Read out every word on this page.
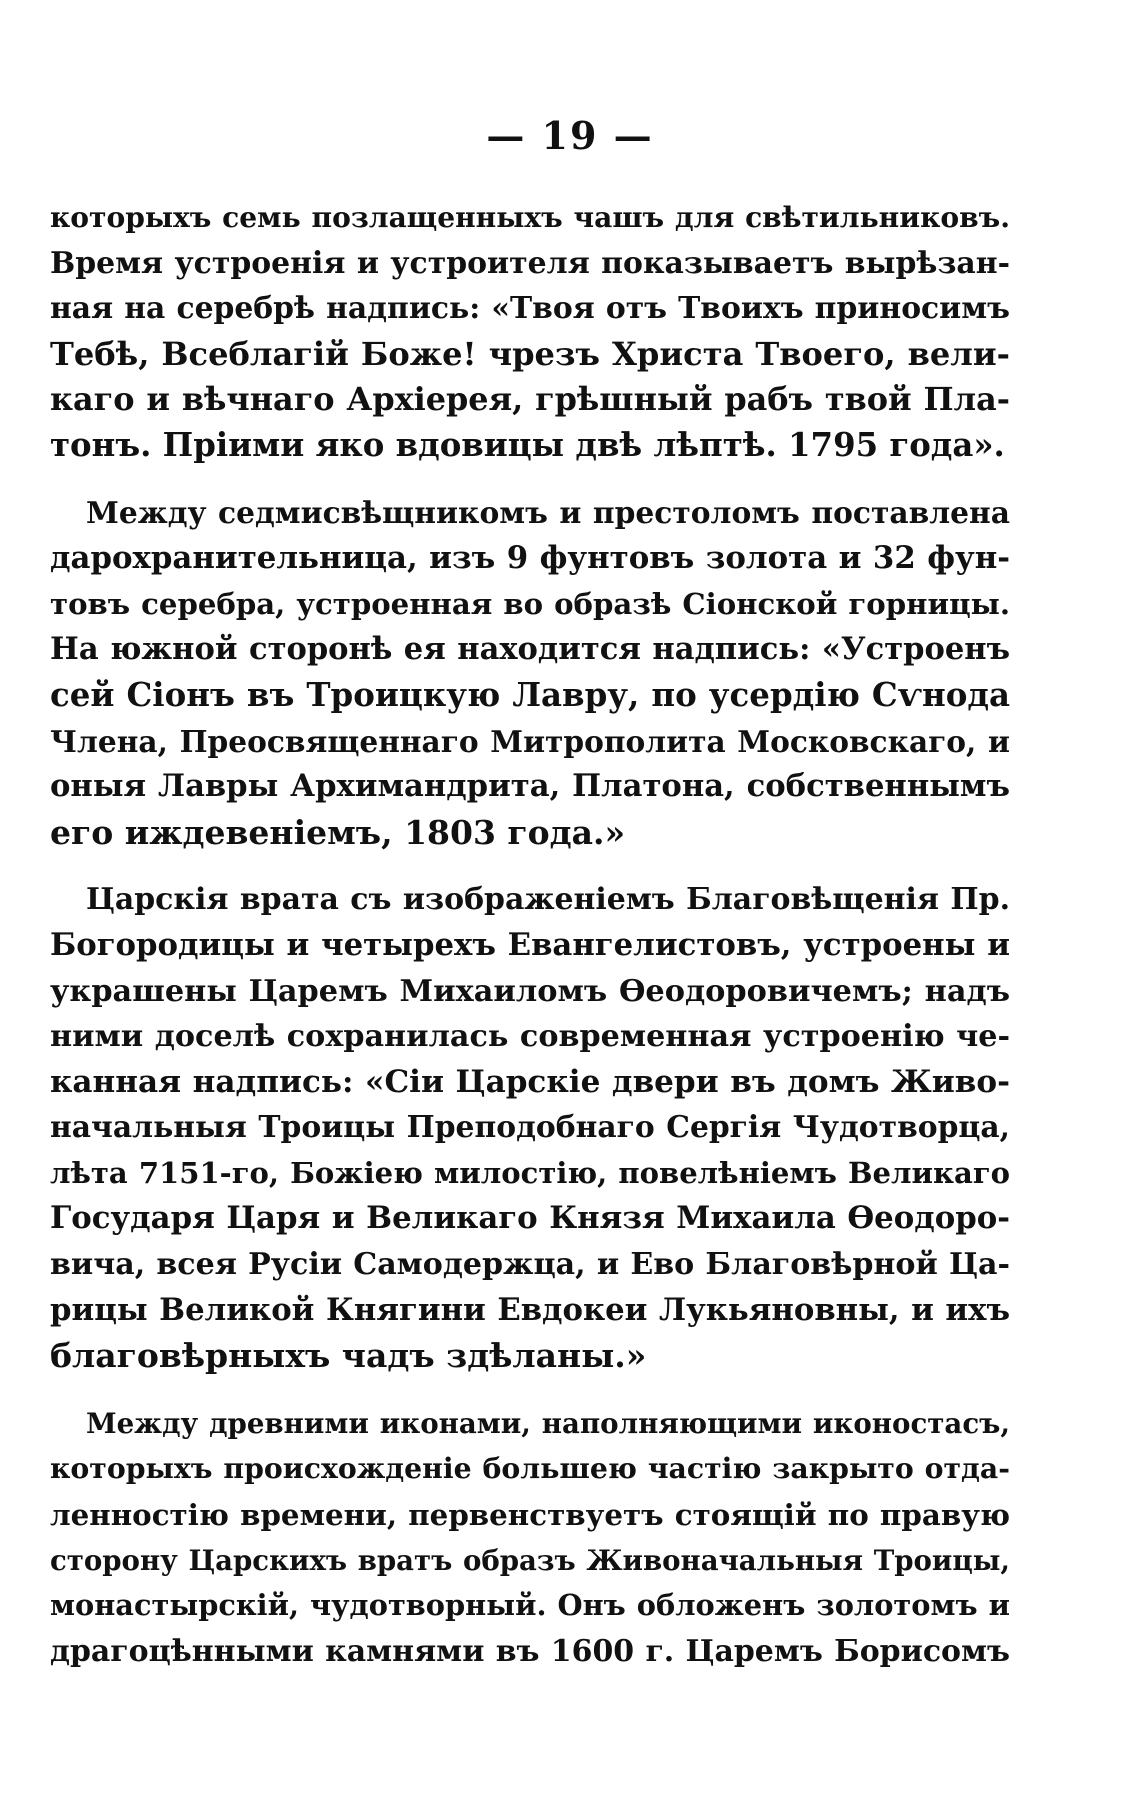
— 19 —
которыхъ семь позлащенныхъ чашъ для свѣтильниковъ.
Время устроенія и устроителя показываетъ вырѣзан-
ная на серебрѣ надпись: «Твоя отъ Твоихъ приносимъ
Тебѣ, Всеблагій Боже! чрезъ Христа Твоего, вели-
каго и вѣчнаго Архіерея, грѣшный рабъ твой Пла-
тонъ. Пріими яко вдовицы двѣ лѣптѣ. 1795 года».
Между седмисвѣщникомъ и престоломъ поставлена
дарохранительница, изъ 9 фунтовъ золота и 32 фун-
товъ серебра, устроенная во образѣ Сіонской горницы.
На южной сторонѣ ея находится надпись: «Устроенъ
сей Сіонъ въ Троицкую Лавру, по усердію Сѵнода
Члена, Преосвященнаго Митрополита Московскаго, и
оныя Лавры Архимандрита, Платона, собственнымъ
его иждевеніемъ, 1803 года.»
Царскія врата съ изображеніемъ Благовѣщенія Пр.
Богородицы и четырехъ Евангелистовъ, устроены и
украшены Царемъ Михаиломъ Ѳеодоровичемъ; надъ
ними доселѣ сохранилась современная устроенію че-
канная надпись: «Сіи Царскіе двери въ домъ Живо-
начальныя Троицы Преподобнаго Сергія Чудотворца,
лѣта 7151-го, Божіею милостію, повелѣніемъ Великаго
Государя Царя и Великаго Князя Михаила Ѳеодоро-
вича, всея Русіи Самодержца, и Ево Благовѣрной Ца-
рицы Великой Княгини Евдокеи Лукьяновны, и ихъ
благовѣрныхъ чадъ здѣланы.»
Между древними иконами, наполняющими иконостасъ,
которыхъ происхожденіе большею частію закрыто отда-
ленностію времени, первенствуетъ стоящій по правую
сторону Царскихъ вратъ образъ Живоначальныя Троицы,
монастырскій, чудотворный. Онъ обложенъ золотомъ и
драгоцѣнными камнями въ 1600 г. Царемъ Борисомъ
